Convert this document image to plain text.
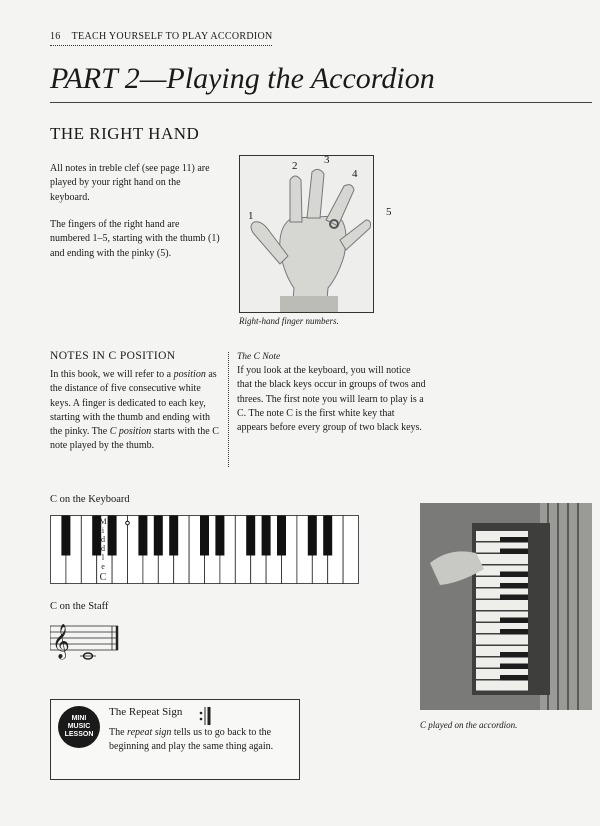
16 TEACH YOURSELF TO PLAY ACCORDION
PART 2—Playing the Accordion
THE RIGHT HAND
All notes in treble clef (see page 11) are played by your right hand on the keyboard.
The fingers of the right hand are numbered 1–5, starting with the thumb (1) and ending with the pinky (5).
1
2 3
4
5
Right-hand finger numbers.
NOTES IN C POSITION
In this book, we will refer to a position as the distance of five consecutive white keys. A finger is dedicated to each key, starting with the thumb and ending with the pinky. The C position starts with the C note played by the thumb.
The C Note
If you look at the keyboard, you will notice that the black keys occur in groups of twos and threes. The first note you will learn to play is a C. The note C is the first white key that appears before every group of two black keys.
C on the Keyboard
M
i
d
d
l
e
C
C on the Staff
𝄞

C played on the accordion.
MINI
MUSIC
LESSON
The Repeat Sign
The repeat sign tells us to go back to the beginning and play the same thing again.
